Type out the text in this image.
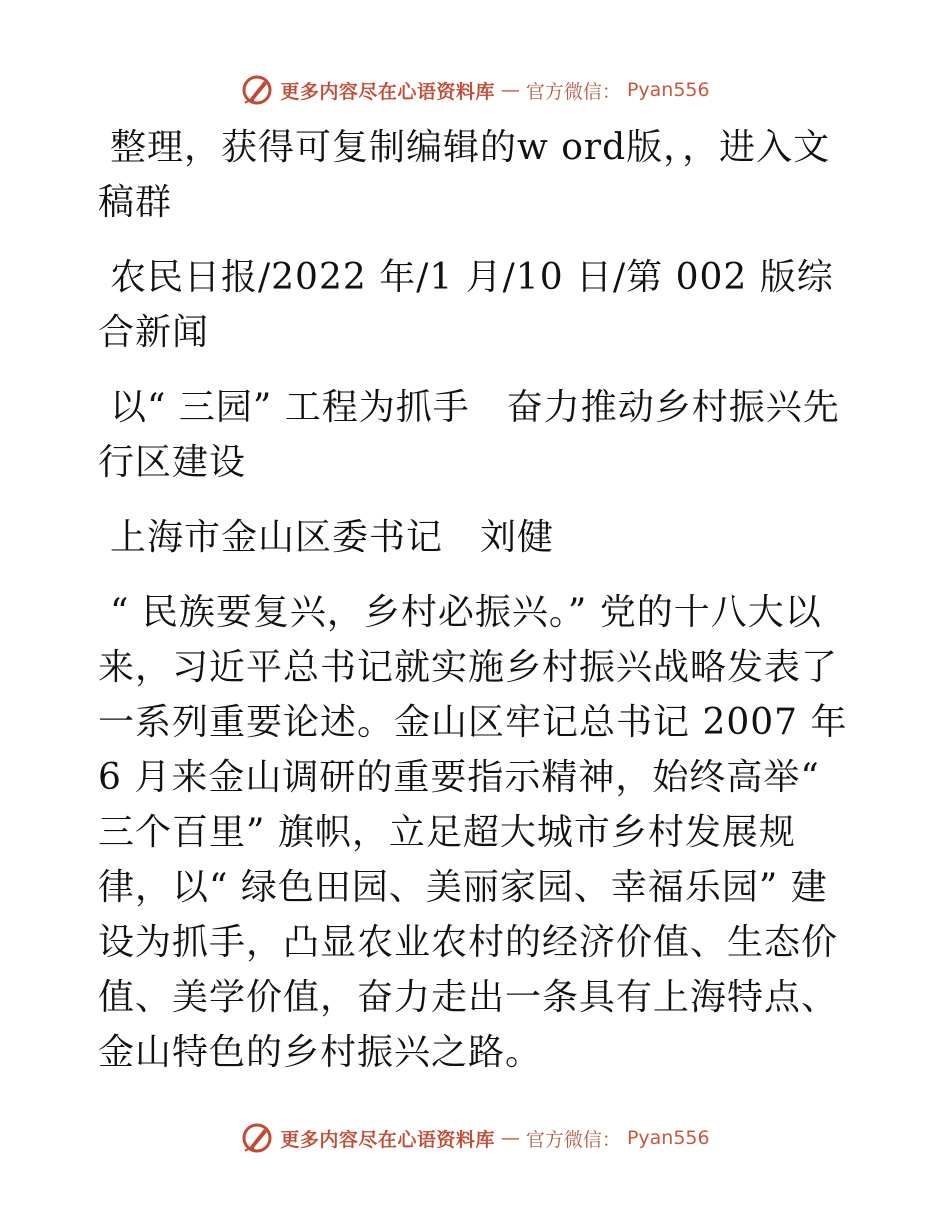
更多内容尽在心语资料库 — 官方微信： Pyan556

整理，获得可复制编辑的w ord版，，进入文稿群

农民日报/2022 年/1 月/10 日/第 002 版综合新闻

以“ 三园” 工程为抓手　奋力推动乡村振兴先行区建设

上海市金山区委书记　刘健

“ 民族要复兴，乡村必振兴。” 党的十八大以来，习近平总书记就实施乡村振兴战略发表了一系列重要论述。金山区牢记总书记 2007 年 6 月来金山调研的重要指示精神，始终高举“ 三个百里” 旗帜，立足超大城市乡村发展规律，以“ 绿色田园、美丽家园、幸福乐园” 建设为抓手，凸显农业农村的经济价值、生态价值、美学价值，奋力走出一条具有上海特点、金山特色的乡村振兴之路。

更多内容尽在心语资料库 — 官方微信： Pyan556
